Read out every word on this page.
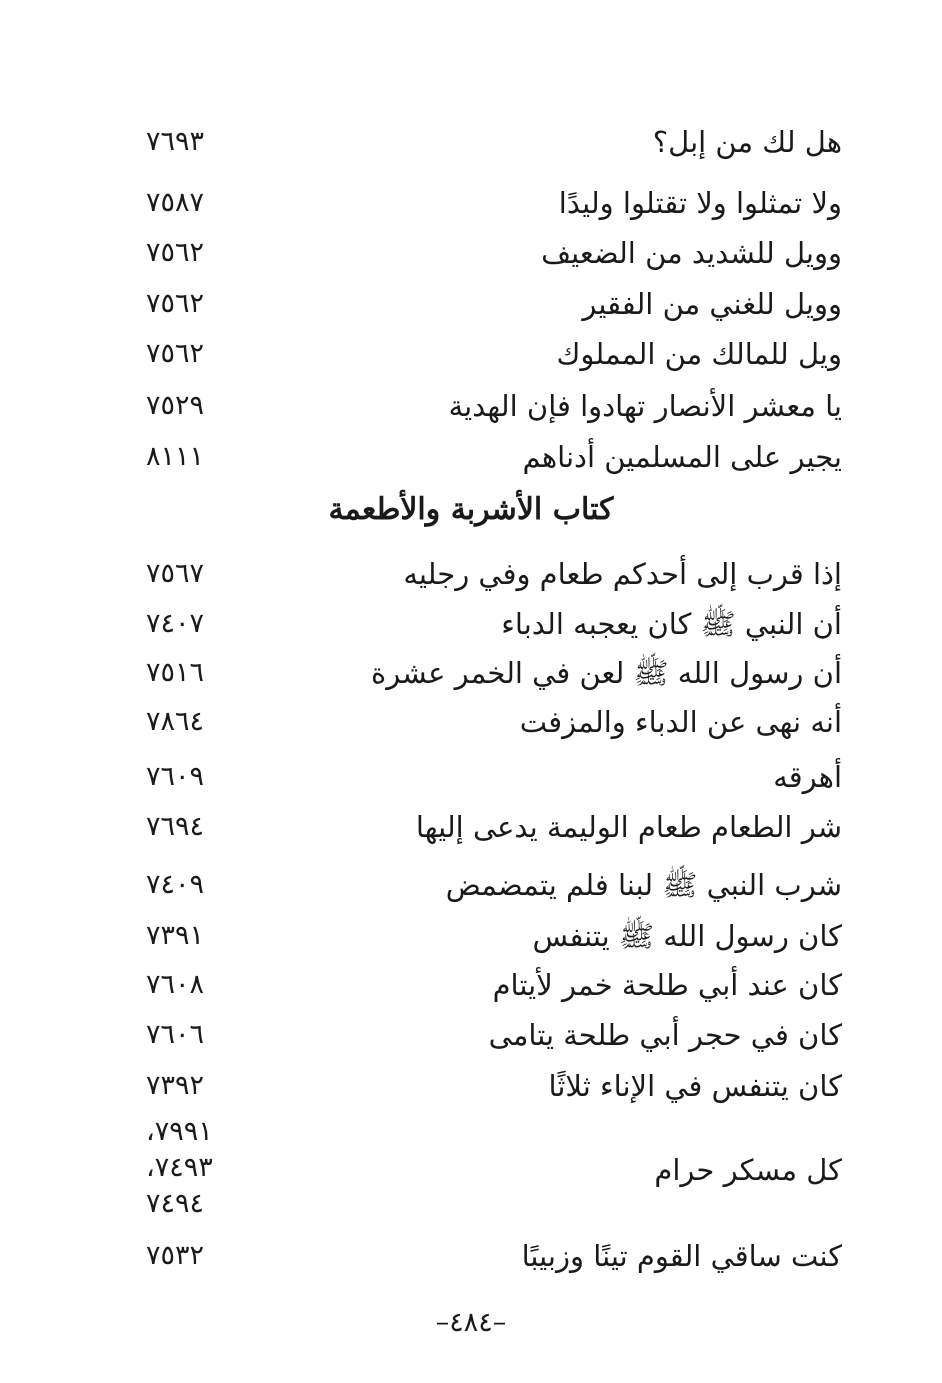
هل لك من إبل؟
٧٦٩٣
ولا تمثلوا ولا تقتلوا وليدًا
٧٥٨٧
وويل للشديد من الضعيف
٧٥٦٢
وويل للغني من الفقير
٧٥٦٢
ويل للمالك من المملوك
٧٥٦٢
يا معشر الأنصار تهادوا فإن الهدية
٧٥٢٩
يجير على المسلمين أدناهم
٨١١١
كتاب الأشربة والأطعمة
إذا قرب إلى أحدكم طعام وفي رجليه
٧٥٦٧
أن النبي ﷺ كان يعجبه الدباء
٧٤٠٧
أن رسول الله ﷺ لعن في الخمر عشرة
٧٥١٦
أنه نهى عن الدباء والمزفت
٧٨٦٤
أهرقه
٧٦٠٩
شر الطعام طعام الوليمة يدعى إليها
٧٦٩٤
شرب النبي ﷺ لبنا فلم يتمضمض
٧٤٠٩
كان رسول الله ﷺ يتنفس
٧٣٩١
كان عند أبي طلحة خمر لأيتام
٧٦٠٨
كان في حجر أبي طلحة يتامى
٧٦٠٦
كان يتنفس في الإناء ثلاثًا
٧٣٩٢
٧٩٩١،
٧٤٩٣،
٧٤٩٤
كل مسكر حرام
كنت ساقي القوم تينًا وزبيبًا
٧٥٣٢
–٤٨٤–
